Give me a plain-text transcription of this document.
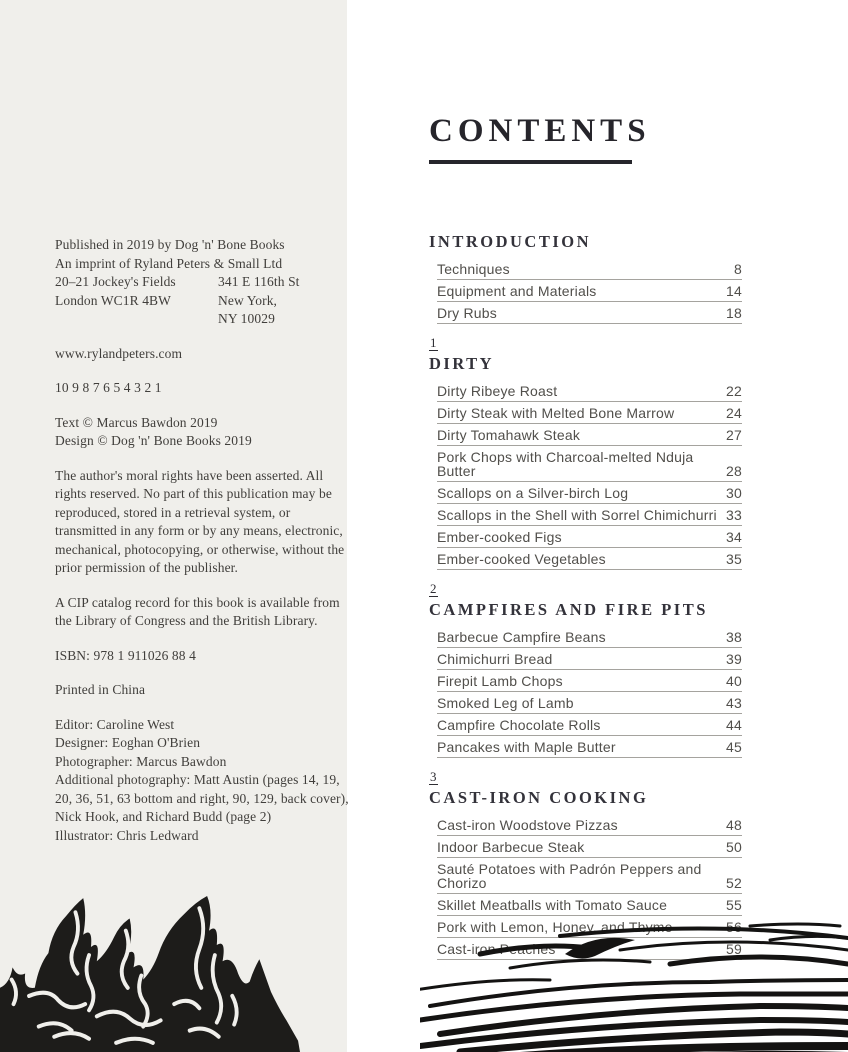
Published in 2019 by Dog 'n' Bone Books
An imprint of Ryland Peters & Small Ltd
20–21 Jockey's Fields
London WC1R 4BW
341 E 116th St
New York,
NY 10029
www.rylandpeters.com
10 9 8 7 6 5 4 3 2 1
Text © Marcus Bawdon 2019
Design © Dog 'n' Bone Books 2019
The author's moral rights have been asserted. All rights reserved. No part of this publication may be reproduced, stored in a retrieval system, or transmitted in any form or by any means, electronic, mechanical, photocopying, or otherwise, without the prior permission of the publisher.
A CIP catalog record for this book is available from the Library of Congress and the British Library.
ISBN: 978 1 911026 88 4
Printed in China
Editor: Caroline West
Designer: Eoghan O'Brien
Photographer: Marcus Bawdon
Additional photography: Matt Austin (pages 14, 19, 20, 36, 51, 63 bottom and right, 90, 129, back cover), Nick Hook, and Richard Budd (page 2)
Illustrator: Chris Ledward
CONTENTS
INTRODUCTION
Techniques	8
Equipment and Materials	14
Dry Rubs	18
1
DIRTY
Dirty Ribeye Roast	22
Dirty Steak with Melted Bone Marrow	24
Dirty Tomahawk Steak	27
Pork Chops with Charcoal-melted Nduja Butter	28
Scallops on a Silver-birch Log	30
Scallops in the Shell with Sorrel Chimichurri 33
Ember-cooked Figs	34
Ember-cooked Vegetables	35
2
CAMPFIRES AND FIRE PITS
Barbecue Campfire Beans	38
Chimichurri Bread	39
Firepit Lamb Chops	40
Smoked Leg of Lamb	43
Campfire Chocolate Rolls	44
Pancakes with Maple Butter	45
3
CAST-IRON COOKING
Cast-iron Woodstove Pizzas	48
Indoor Barbecue Steak	50
Sauté Potatoes with Padrón Peppers and Chorizo	52
Skillet Meatballs with Tomato Sauce	55
Pork with Lemon, Honey, and Thyme	56
Cast-iron Peaches	59
